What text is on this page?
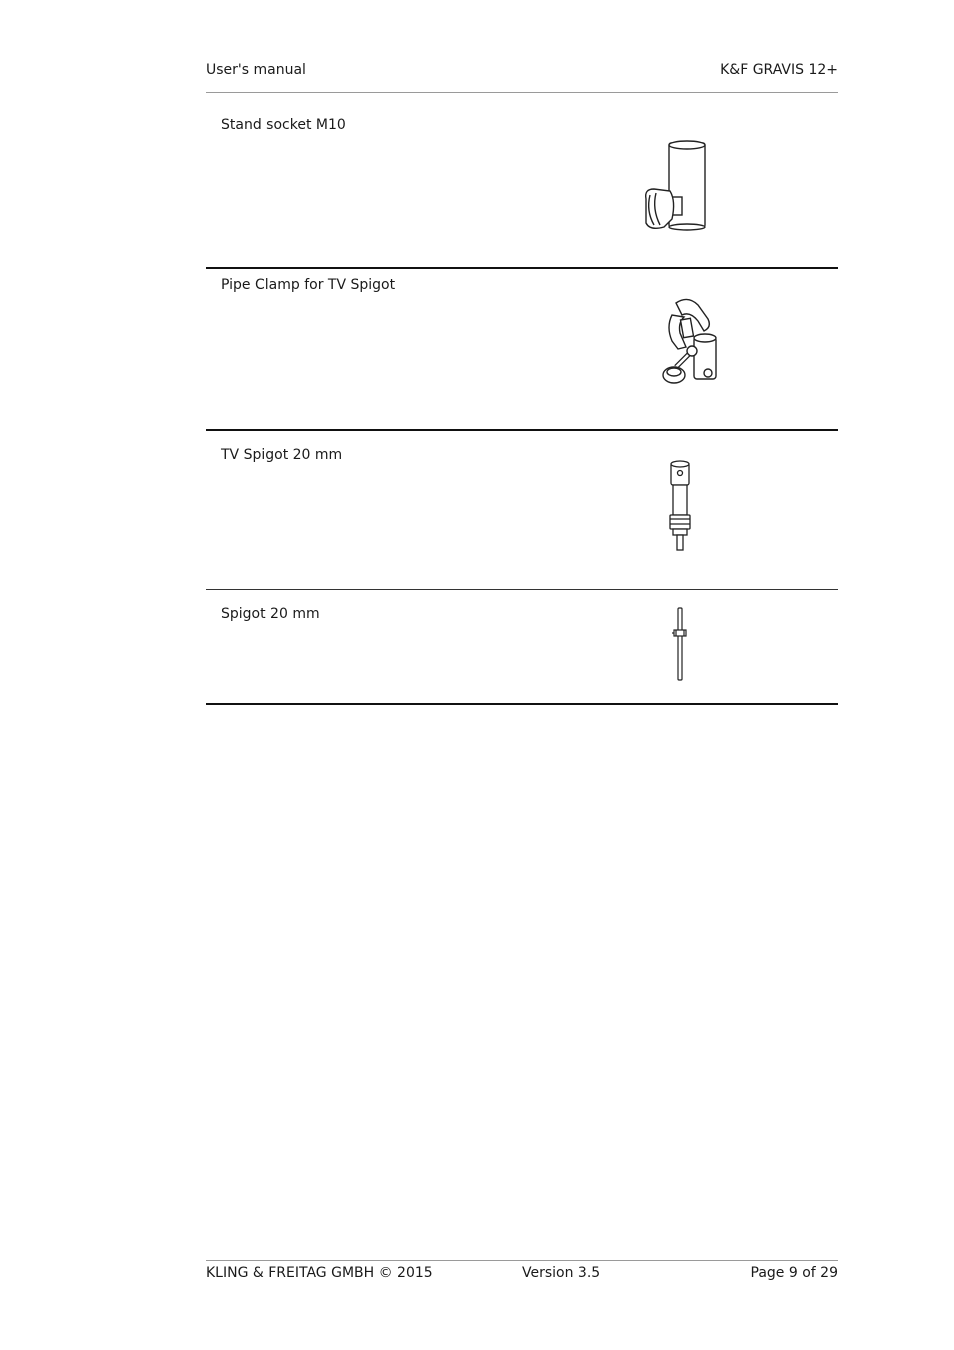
User's manual	K&F GRAVIS 12+
Stand socket M10
Pipe Clamp for TV Spigot
TV Spigot 20 mm
Spigot 20 mm
KLING & FREITAG GMBH © 2015	Version 3.5	Page 9 of 29
